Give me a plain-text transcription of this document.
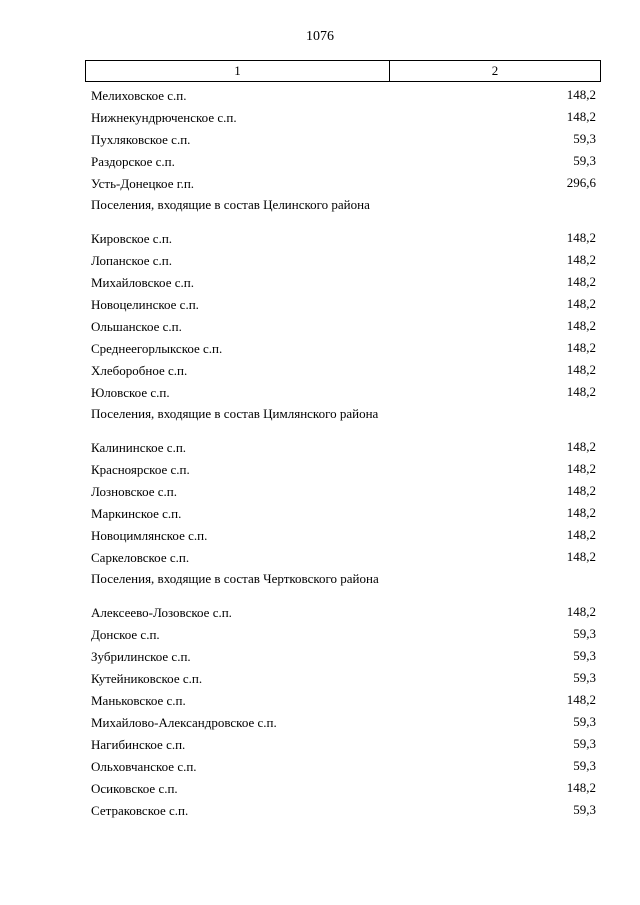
1076
1	2
Мелиховское с.п.	148,2
Нижнекундрюченское с.п.	148,2
Пухляковское с.п.	59,3
Раздорское с.п.	59,3
Усть-Донецкое г.п.	296,6
Поселения, входящие в состав Целинского района
Кировское с.п.	148,2
Лопанское с.п.	148,2
Михайловское с.п.	148,2
Новоцелинское с.п.	148,2
Ольшанское с.п.	148,2
Среднеегорлыкское с.п.	148,2
Хлеборобное с.п.	148,2
Юловское с.п.	148,2
Поселения, входящие в состав Цимлянского района
Калининское с.п.	148,2
Красноярское с.п.	148,2
Лозновское с.п.	148,2
Маркинское с.п.	148,2
Новоцимлянское с.п.	148,2
Саркеловское с.п.	148,2
Поселения, входящие в состав Чертковского района
Алексеево-Лозовское с.п.	148,2
Донское с.п.	59,3
Зубрилинское с.п.	59,3
Кутейниковское с.п.	59,3
Маньковское с.п.	148,2
Михайлово-Александровское с.п.	59,3
Нагибинское с.п.	59,3
Ольховчанское с.п.	59,3
Осиковское с.п.	148,2
Сетраковское с.п.	59,3
